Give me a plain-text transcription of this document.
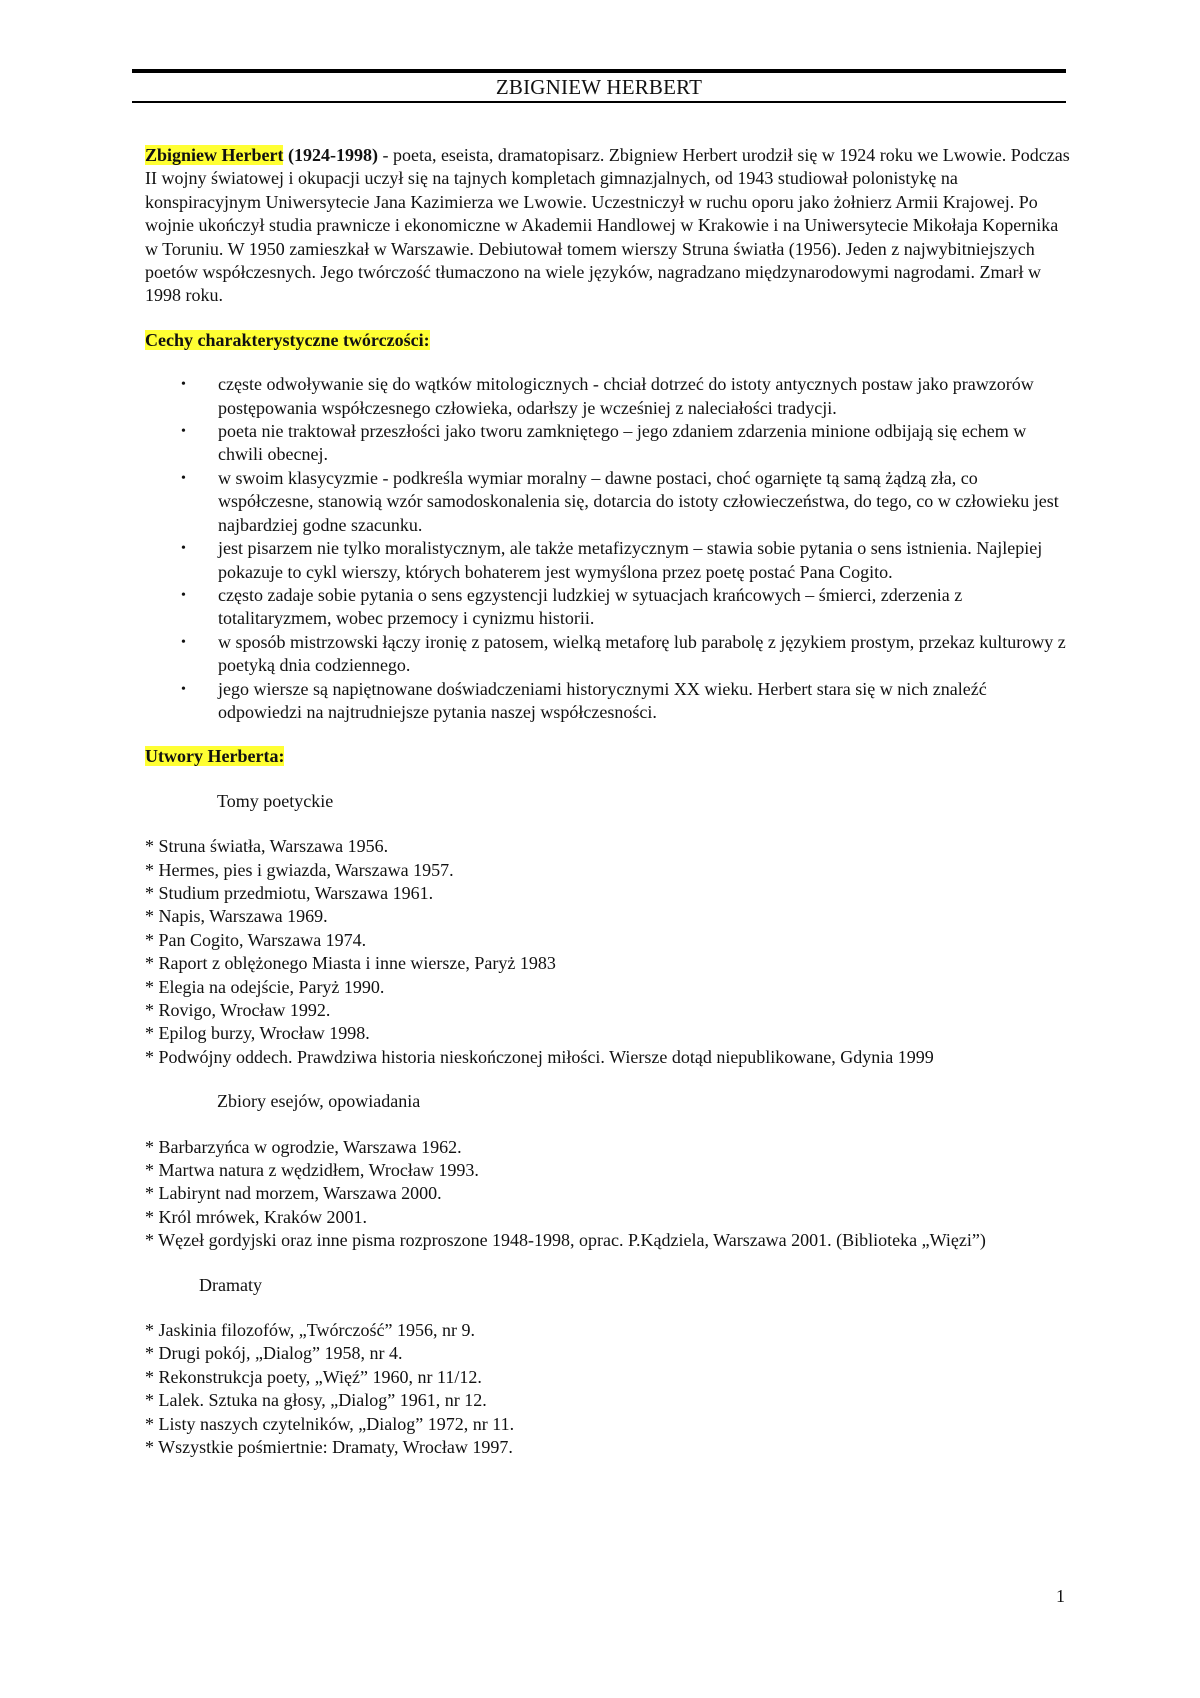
ZBIGNIEW HERBERT

Zbigniew Herbert (1924-1998) - poeta, eseista, dramatopisarz. Zbigniew Herbert urodził się w 1924 roku we Lwowie. Podczas II wojny światowej i okupacji uczył się na tajnych kompletach gimnazjalnych, od 1943 studiował polonistykę na konspiracyjnym Uniwersytecie Jana Kazimierza we Lwowie. Uczestniczył w ruchu oporu jako żołnierz Armii Krajowej. Po wojnie ukończył studia prawnicze i ekonomiczne w Akademii Handlowej w Krakowie i na Uniwersytecie Mikołaja Kopernika w Toruniu. W 1950 zamieszkał w Warszawie. Debiutował tomem wierszy Struna światła (1956). Jeden z najwybitniejszych poetów współczesnych. Jego twórczość tłumaczono na wiele języków, nagradzano międzynarodowymi nagrodami. Zmarł w 1998 roku.

Cechy charakterystyczne twórczości:

• częste odwoływanie się do wątków mitologicznych - chciał dotrzeć do istoty antycznych postaw jako prawzorów postępowania współczesnego człowieka, odarłszy je wcześniej z naleciałości tradycji.
• poeta nie traktował przeszłości jako tworu zamkniętego – jego zdaniem zdarzenia minione odbijają się echem w chwili obecnej.
• w swoim klasycyzmie - podkreśla wymiar moralny – dawne postaci, choć ogarnięte tą samą żądzą zła, co współczesne, stanowią wzór samodoskonalenia się, dotarcia do istoty człowieczeństwa, do tego, co w człowieku jest najbardziej godne szacunku.
• jest pisarzem nie tylko moralistycznym, ale także metafizycznym – stawia sobie pytania o sens istnienia. Najlepiej pokazuje to cykl wierszy, których bohaterem jest wymyślona przez poetę postać Pana Cogito.
• często zadaje sobie pytania o sens egzystencji ludzkiej w sytuacjach krańcowych – śmierci, zderzenia z totalitaryzmem, wobec przemocy i cynizmu historii.
• w sposób mistrzowski łączy ironię z patosem, wielką metaforę lub parabolę z językiem prostym, przekaz kulturowy z poetyką dnia codziennego.
• jego wiersze są napiętnowane doświadczeniami historycznymi XX wieku. Herbert stara się w nich znaleźć odpowiedzi na najtrudniejsze pytania naszej współczesności.

Utwory Herberta:

Tomy poetyckie

* Struna światła, Warszawa 1956.
* Hermes, pies i gwiazda, Warszawa 1957.
* Studium przedmiotu, Warszawa 1961.
* Napis, Warszawa 1969.
* Pan Cogito, Warszawa 1974.
* Raport z oblężonego Miasta i inne wiersze, Paryż 1983
* Elegia na odejście, Paryż 1990.
* Rovigo, Wrocław 1992.
* Epilog burzy, Wrocław 1998.
* Podwójny oddech. Prawdziwa historia nieskończonej miłości. Wiersze dotąd niepublikowane, Gdynia 1999

Zbiory esejów, opowiadania

* Barbarzyńca w ogrodzie, Warszawa 1962.
* Martwa natura z wędzidłem, Wrocław 1993.
* Labirynt nad morzem, Warszawa 2000.
* Król mrówek, Kraków 2001.
* Węzeł gordyjski oraz inne pisma rozproszone 1948-1998, oprac. P.Kądziela, Warszawa 2001. (Biblioteka „Więzi”)

Dramaty

* Jaskinia filozofów, „Twórczość” 1956, nr 9.
* Drugi pokój, „Dialog” 1958, nr 4.
* Rekonstrukcja poety, „Więź” 1960, nr 11/12.
* Lalek. Sztuka na głosy, „Dialog” 1961, nr 12.
* Listy naszych czytelników, „Dialog” 1972, nr 11.
* Wszystkie pośmiertnie: Dramaty, Wrocław 1997.
1
